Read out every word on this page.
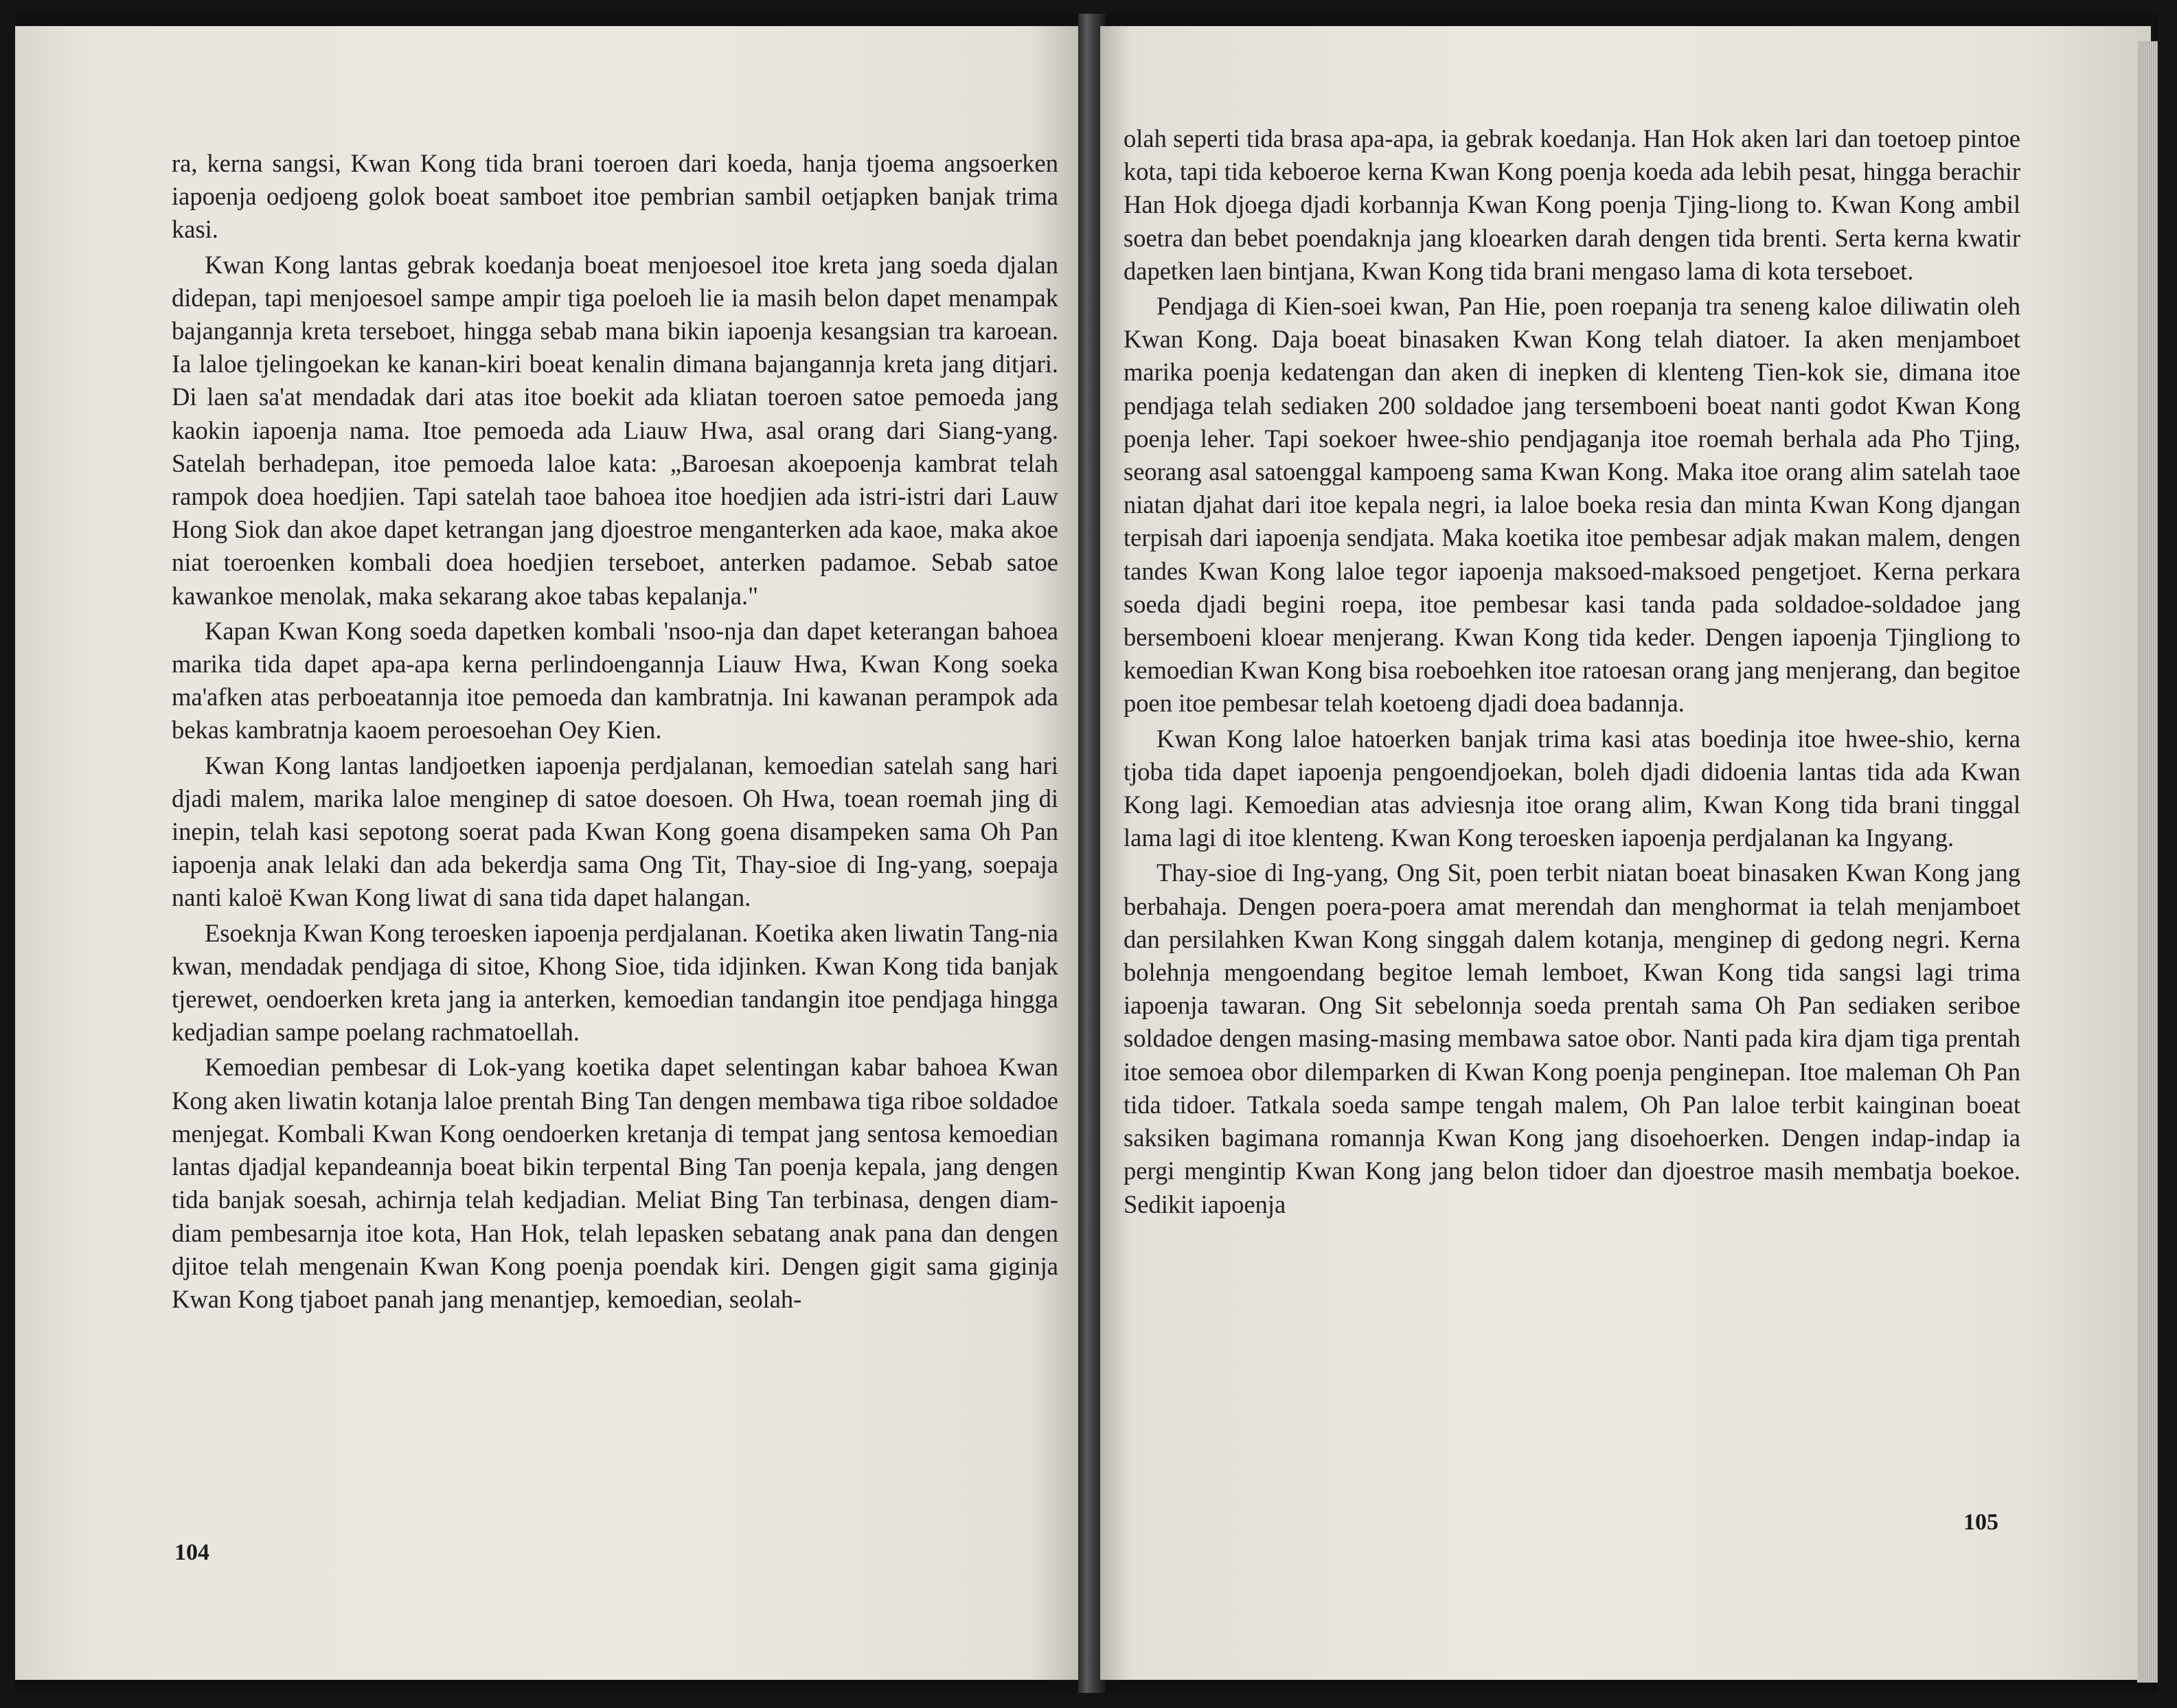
ra, kerna sangsi, Kwan Kong tida brani toeroen dari koeda, hanja tjoema angsoerken iapoenja oedjoeng golok boeat samboet itoe pembrian sambil oetjapken banjak trima kasi.

Kwan Kong lantas gebrak koedanja boeat menjoesoel itoe kreta jang soeda djalan didepan, tapi menjoesoel sampe ampir tiga poeloeh lie ia masih belon dapet menampak bajangannja kreta terseboet, hingga sebab mana bikin iapoenja kesangsian tra karoean. Ia laloe tjelingoekan ke kanan-kiri boeat kenalin dimana bajangannja kreta jang ditjari. Di laen sa'at mendadak dari atas itoe boekit ada kliatan toeroen satoe pemoeda jang kaokin iapoenja nama. Itoe pemoeda ada Liauw Hwa, asal orang dari Siang-yang. Satelah berhadepan, itoe pemoeda laloe kata: „Baroesan akoepoenja kambrat telah rampok doea hoedjien. Tapi satelah taoe bahoea itoe hoedjien ada istri-istri dari Lauw Hong Siok dan akoe dapet ketrangan jang djoestroe menganterken ada kaoe, maka akoe niat toeroenken kombali doea hoedjien terseboet, anterken padamoe. Sebab satoe kawankoe menolak, maka sekarang akoe tabas kepalanja."

Kapan Kwan Kong soeda dapetken kombali 'nsoo-nja dan dapet keterangan bahoea marika tida dapet apa-apa kerna perlindoengannja Liauw Hwa, Kwan Kong soeka ma'afken atas perboeatannja itoe pemoeda dan kambratnja. Ini kawanan perampok ada bekas kambratnja kaoem peroesoehan Oey Kien.

Kwan Kong lantas landjoetken iapoenja perdjalanan, kemoedian satelah sang hari djadi malem, marika laloe menginep di satoe doesoen. Oh Hwa, toean roemah jing di inepin, telah kasi sepotong soerat pada Kwan Kong goena disampeken sama Oh Pan iapoenja anak lelaki dan ada bekerdja sama Ong Tit, Thay-sioe di Ing-yang, soepaja nanti kaloë Kwan Kong liwat di sana tida dapet halangan.

Esoeknja Kwan Kong teroesken iapoenja perdjalanan. Koetika aken liwatin Tang-nia kwan, mendadak pendjaga di sitoe, Khong Sioe, tida idjinken. Kwan Kong tida banjak tjerewet, oendoerken kreta jang ia anterken, kemoedian tandangin itoe pendjaga hingga kedjadian sampe poelang rachmatoellah.

Kemoedian pembesar di Lok-yang koetika dapet selentingan kabar bahoea Kwan Kong aken liwatin kotanja laloe prentah Bing Tan dengen membawa tiga riboe soldadoe menjegat. Kombali Kwan Kong oendoerken kretanja di tempat jang sentosa kemoedian lantas djadjal kepandeannja boeat bikin terpental Bing Tan poenja kepala, jang dengen tida banjak soesah, achirnja telah kedjadian. Meliat Bing Tan terbinasa, dengen diam-diam pembesarnja itoe kota, Han Hok, telah lepasken sebatang anak pana dan dengen djitoe telah mengenain Kwan Kong poenja poendak kiri. Dengen gigit sama giginja Kwan Kong tjaboet panah jang menantjep, kemoedian, seolah-

104

olah seperti tida brasa apa-apa, ia gebrak koedanja. Han Hok aken lari dan toetoep pintoe kota, tapi tida keboeroe kerna Kwan Kong poenja koeda ada lebih pesat, hingga berachir Han Hok djoega djadi korbannja Kwan Kong poenja Tjing-liong to. Kwan Kong ambil soetra dan bebet poendaknja jang kloearken darah dengen tida brenti. Serta kerna kwatir dapetken laen bintjana, Kwan Kong tida brani mengaso lama di kota terseboet.

Pendjaga di Kien-soei kwan, Pan Hie, poen roepanja tra seneng kaloe diliwatin oleh Kwan Kong. Daja boeat binasaken Kwan Kong telah diatoer. Ia aken menjamboet marika poenja kedatengan dan aken di inepken di klenteng Tien-kok sie, dimana itoe pendjaga telah sediaken 200 soldadoe jang tersemboeni boeat nanti godot Kwan Kong poenja leher. Tapi soekoer hwee-shio pendjaganja itoe roemah berhala ada Pho Tjing, seorang asal satoenggal kampoeng sama Kwan Kong. Maka itoe orang alim satelah taoe niatan djahat dari itoe kepala negri, ia laloe boeka resia dan minta Kwan Kong djangan terpisah dari iapoenja sendjata. Maka koetika itoe pembesar adjak makan malem, dengen tandes Kwan Kong laloe tegor iapoenja maksoed-maksoed pengetjoet. Kerna perkara soeda djadi begini roepa, itoe pembesar kasi tanda pada soldadoe-soldadoe jang bersemboeni kloear menjerang. Kwan Kong tida keder. Dengen iapoenja Tjingliong to kemoedian Kwan Kong bisa roeboehken itoe ratoesan orang jang menjerang, dan begitoe poen itoe pembesar telah koetoeng djadi doea badannja.

Kwan Kong laloe hatoerken banjak trima kasi atas boedinja itoe hwee-shio, kerna tjoba tida dapet iapoenja pengoendjoekan, boleh djadi didoenia lantas tida ada Kwan Kong lagi. Kemoedian atas adviesnja itoe orang alim, Kwan Kong tida brani tinggal lama lagi di itoe klenteng. Kwan Kong teroesken iapoenja perdjalanan ka Ingyang.

Thay-sioe di Ing-yang, Ong Sit, poen terbit niatan boeat binasaken Kwan Kong jang berbahaja. Dengen poera-poera amat merendah dan menghormat ia telah menjamboet dan persilahken Kwan Kong singgah dalem kotanja, menginep di gedong negri. Kerna bolehnja mengoendang begitoe lemah lemboet, Kwan Kong tida sangsi lagi trima iapoenja tawaran. Ong Sit sebelonnja soeda prentah sama Oh Pan sediaken seriboe soldadoe dengen masing-masing membawa satoe obor. Nanti pada kira djam tiga prentah itoe semoea obor dilemparken di Kwan Kong poenja penginepan. Itoe maleman Oh Pan tida tidoer. Tatkala soeda sampe tengah malem, Oh Pan laloe terbit kainginan boeat saksiken bagimana romannja Kwan Kong jang disoehoerken. Dengen indap-indap ia pergi mengintip Kwan Kong jang belon tidoer dan djoestroe masih membatja boekoe. Sedikit iapoenja

105
